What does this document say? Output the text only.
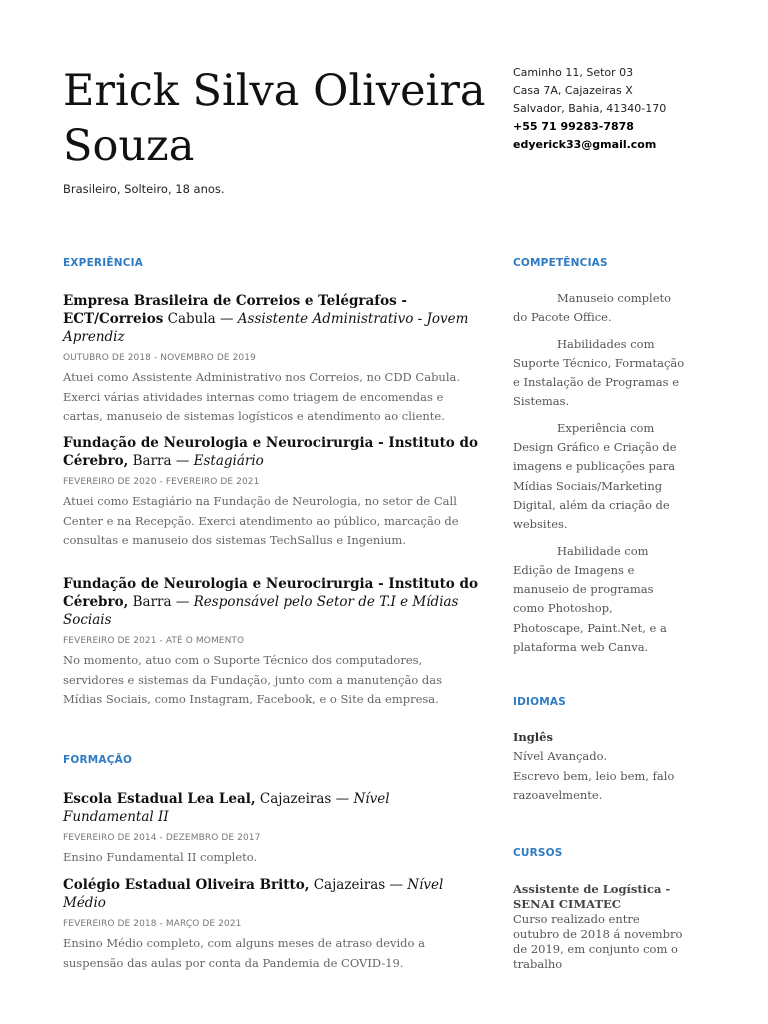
Erick Silva Oliveira Souza
Brasileiro, Solteiro, 18 anos.
Caminho 11, Setor 03
Casa 7A, Cajazeiras X
Salvador, Bahia, 41340-170
+55 71 99283-7878
edyerick33@gmail.com
EXPERIÊNCIA
Empresa Brasileira de Correios e Telégrafos - ECT/Correios Cabula — Assistente Administrativo - Jovem Aprendiz
OUTUBRO DE 2018 - NOVEMBRO DE 2019
Atuei como Assistente Administrativo nos Correios, no CDD Cabula. Exerci várias atividades internas como triagem de encomendas e cartas, manuseio de sistemas logísticos e atendimento ao cliente.
Fundação de Neurologia e Neurocirurgia - Instituto do Cérebro, Barra — Estagiário
FEVEREIRO DE 2020 - FEVEREIRO DE 2021
Atuei como Estagiário na Fundação de Neurologia, no setor de Call Center e na Recepção. Exerci atendimento ao público, marcação de consultas e manuseio dos sistemas TechSallus e Ingenium.
Fundação de Neurologia e Neurocirurgia - Instituto do Cérebro, Barra — Responsável pelo Setor de T.I e Mídias Sociais
FEVEREIRO DE 2021 - ATÉ O MOMENTO
No momento, atuo com o Suporte Técnico dos computadores, servidores e sistemas da Fundação, junto com a manutenção das Mídias Sociais, como Instagram, Facebook, e o Site da empresa.
FORMAÇÃO
Escola Estadual Lea Leal, Cajazeiras — Nível Fundamental II
FEVEREIRO DE 2014 - DEZEMBRO DE 2017
Ensino Fundamental II completo.
Colégio Estadual Oliveira Britto, Cajazeiras — Nível Médio
FEVEREIRO DE 2018 - MARÇO DE 2021
Ensino Médio completo, com alguns meses de atraso devido a suspensão das aulas por conta da Pandemia de COVID-19.
COMPETÊNCIAS
Manuseio completo do Pacote Office.
Habilidades com Suporte Técnico, Formatação e Instalação de Programas e Sistemas.
Experiência com Design Gráfico e Criação de imagens e publicações para Mídias Sociais/Marketing Digital, além da criação de websites.
Habilidade com Edição de Imagens e manuseio de programas como Photoshop, Photoscape, Paint.Net, e a plataforma web Canva.
IDIOMAS
Inglês
Nível Avançado.
Escrevo bem, leio bem, falo razoavelmente.
CURSOS
Assistente de Logística - SENAI CIMATEC
Curso realizado entre outubro de 2018 á novembro de 2019, em conjunto com o trabalho
